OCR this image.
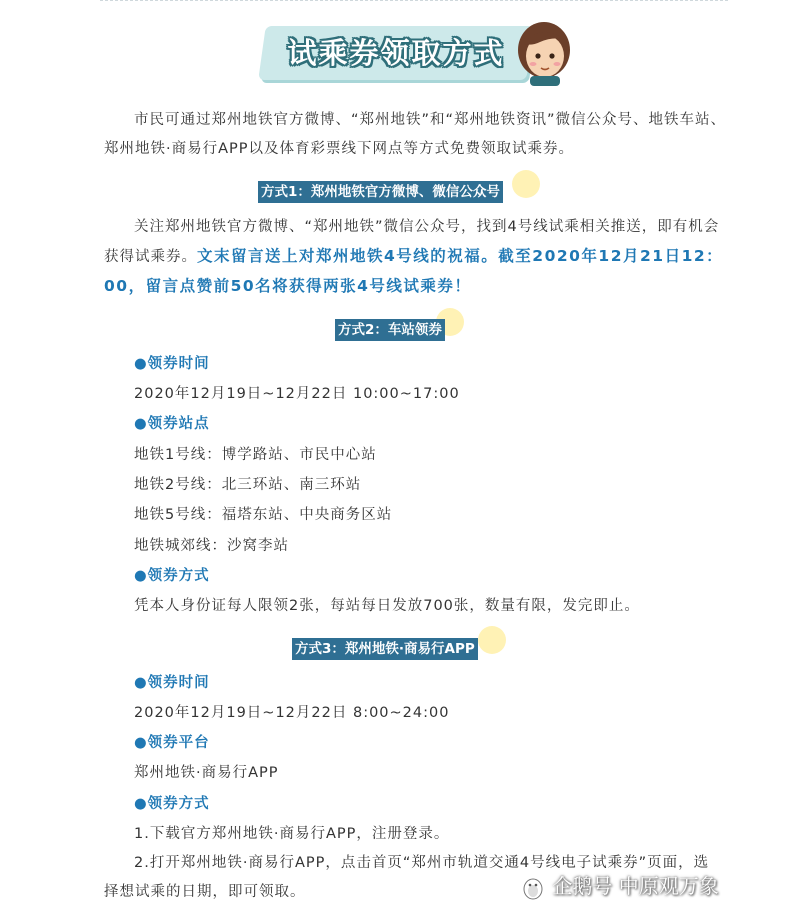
试乘券领取方式

市民可通过郑州地铁官方微博、“郑州地铁”和“郑州地铁资讯”微信公众号、地铁车站、郑州地铁·商易行APP以及体育彩票线下网点等方式免费领取试乘券。

方式1：郑州地铁官方微博、微信公众号

关注郑州地铁官方微博、“郑州地铁”微信公众号，找到4号线试乘相关推送，即有机会获得试乘券。文末留言送上对郑州地铁4号线的祝福。截至2020年12月21日12：00，留言点赞前50名将获得两张4号线试乘券！

方式2：车站领券
●领券时间
2020年12月19日~12月22日 10:00~17:00
●领券站点
地铁1号线：博学路站、市民中心站
地铁2号线：北三环站、南三环站
地铁5号线：福塔东站、中央商务区站
地铁城郊线：沙窝李站
●领券方式
凭本人身份证每人限领2张，每站每日发放700张，数量有限，发完即止。
方式3：郑州地铁·商易行APP
●领券时间
2020年12月19日~12月22日 8:00~24:00
●领券平台
郑州地铁·商易行APP
●领券方式
1.下载官方郑州地铁·商易行APP，注册登录。

2.打开郑州地铁·商易行APP，点击首页“郑州市轨道交通4号线电子试乘券”页面，选择想试乘的日期，即可领取。	企鹅号 中原观万象
